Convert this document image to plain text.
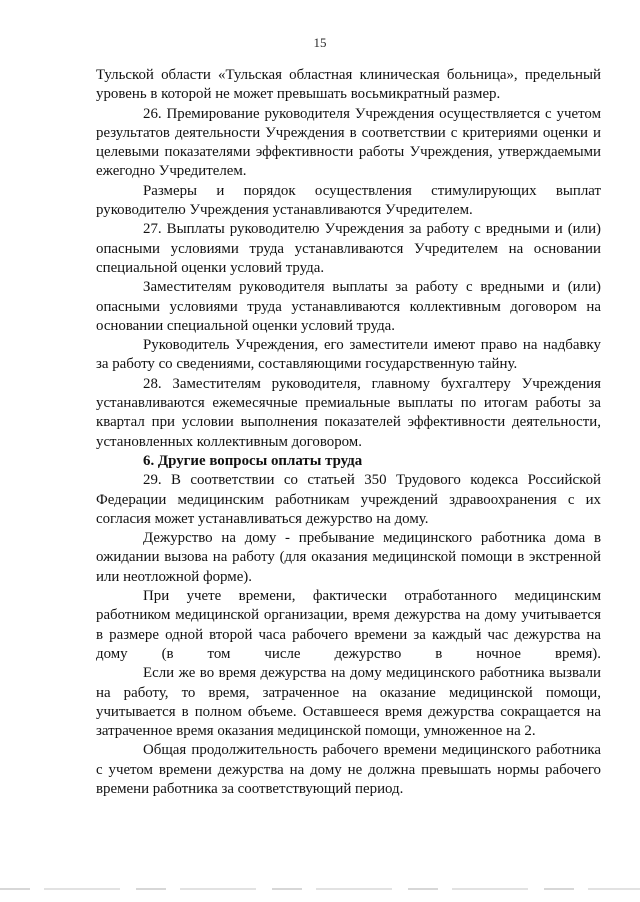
15

Тульской области «Тульская областная клиническая больница», предельный уровень в которой не может превышать восьмикратный размер.

26. Премирование руководителя Учреждения осуществляется с учетом результатов деятельности Учреждения в соответствии с критериями оценки и целевыми показателями эффективности работы Учреждения, утверждаемыми ежегодно Учредителем.

Размеры и порядок осуществления стимулирующих выплат руководителю Учреждения устанавливаются Учредителем.

27. Выплаты руководителю Учреждения за работу с вредными и (или) опасными условиями труда устанавливаются Учредителем на основании специальной оценки условий труда.

Заместителям руководителя выплаты за работу с вредными и (или) опасными условиями труда устанавливаются коллективным договором на основании специальной оценки условий труда.

Руководитель Учреждения, его заместители имеют право на надбавку за работу со сведениями, составляющими государственную тайну.

28. Заместителям руководителя, главному бухгалтеру Учреждения устанавливаются ежемесячные премиальные выплаты по итогам работы за квартал при условии выполнения показателей эффективности деятельности, установленных коллективным договором.

6. Другие вопросы оплаты труда

29. В соответствии со статьей 350 Трудового кодекса Российской Федерации медицинским работникам учреждений здравоохранения с их согласия может устанавливаться дежурство на дому.

Дежурство на дому - пребывание медицинского работника дома в ожидании вызова на работу (для оказания медицинской помощи в экстренной или неотложной форме).

При учете времени, фактически отработанного медицинским работником медицинской организации, время дежурства на дому учитывается в размере одной второй часа рабочего времени за каждый час дежурства на дому (в том числе дежурство в ночное время).

Если же во время дежурства на дому медицинского работника вызвали на работу, то время, затраченное на оказание медицинской помощи, учитывается в полном объеме. Оставшееся время дежурства сокращается на затраченное время оказания медицинской помощи, умноженное на 2.

Общая продолжительность рабочего времени медицинского работника с учетом времени дежурства на дому не должна превышать нормы рабочего времени работника за соответствующий период.
